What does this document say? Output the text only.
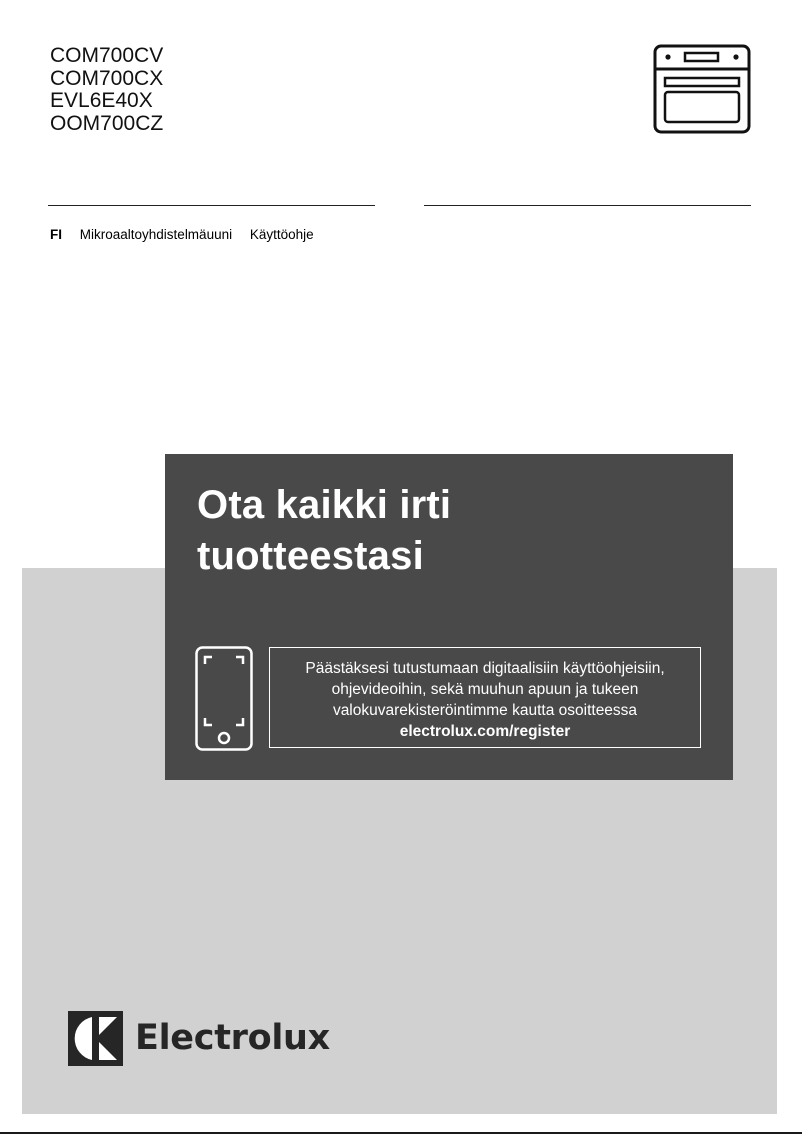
COM700CV
COM700CX
EVL6E40X
OOM700CZ
FI Mikroaaltoyhdistelmäuuni Käyttöohje
Ota kaikki irti
tuotteestasi
Päästäksesi tutustumaan digitaalisiin käyttöohjeisiin,
ohjevideoihin, sekä muuhun apuun ja tukeen
valokuvarekisteröintimme kautta osoitteessa
electrolux.com/register
Electrolux
